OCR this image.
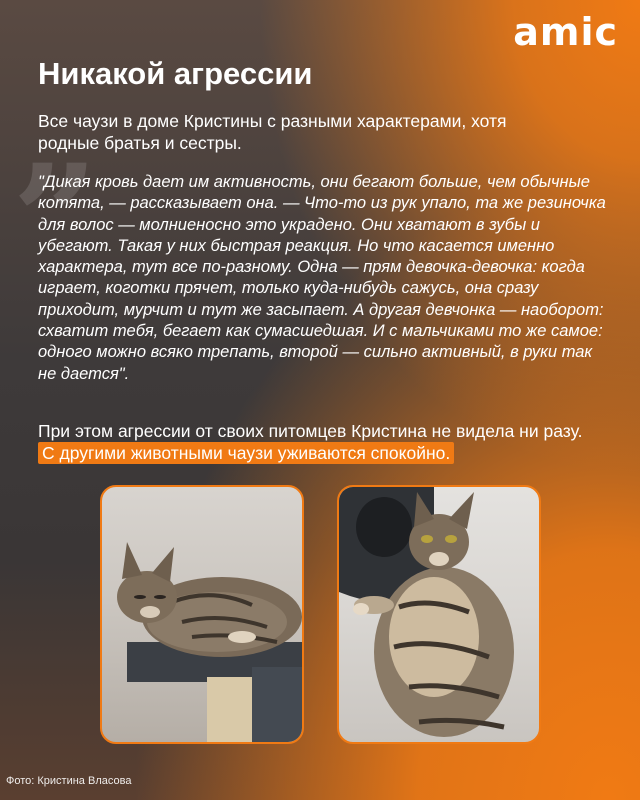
amic
Никакой агрессии
Все чаузи в доме Кристины с разными характерами, хотя родные братья и сестры.
”
"Дикая кровь дает им активность, они бегают больше, чем обычные котята, — рассказывает она. — Что-то из рук упало, та же резиночка для волос — молниеносно это украдено. Они хватают в зубы и убегают. Такая у них быстрая реакция. Но что касается именно характера, тут все по-разному. Одна — прям девочка-девочка: когда играет, коготки прячет, только куда-нибудь сажусь, она сразу приходит, мурчит и тут же засыпает. А другая девчонка — наоборот: схватит тебя, бегает как сумасшедшая. И с мальчиками то же самое: одного можно всяко трепать, второй — сильно активный, в руки так не дается".
При этом агрессии от своих питомцев Кристина не видела ни разу. С другими животными чаузи уживаются спокойно.
Фото: Кристина Власова
